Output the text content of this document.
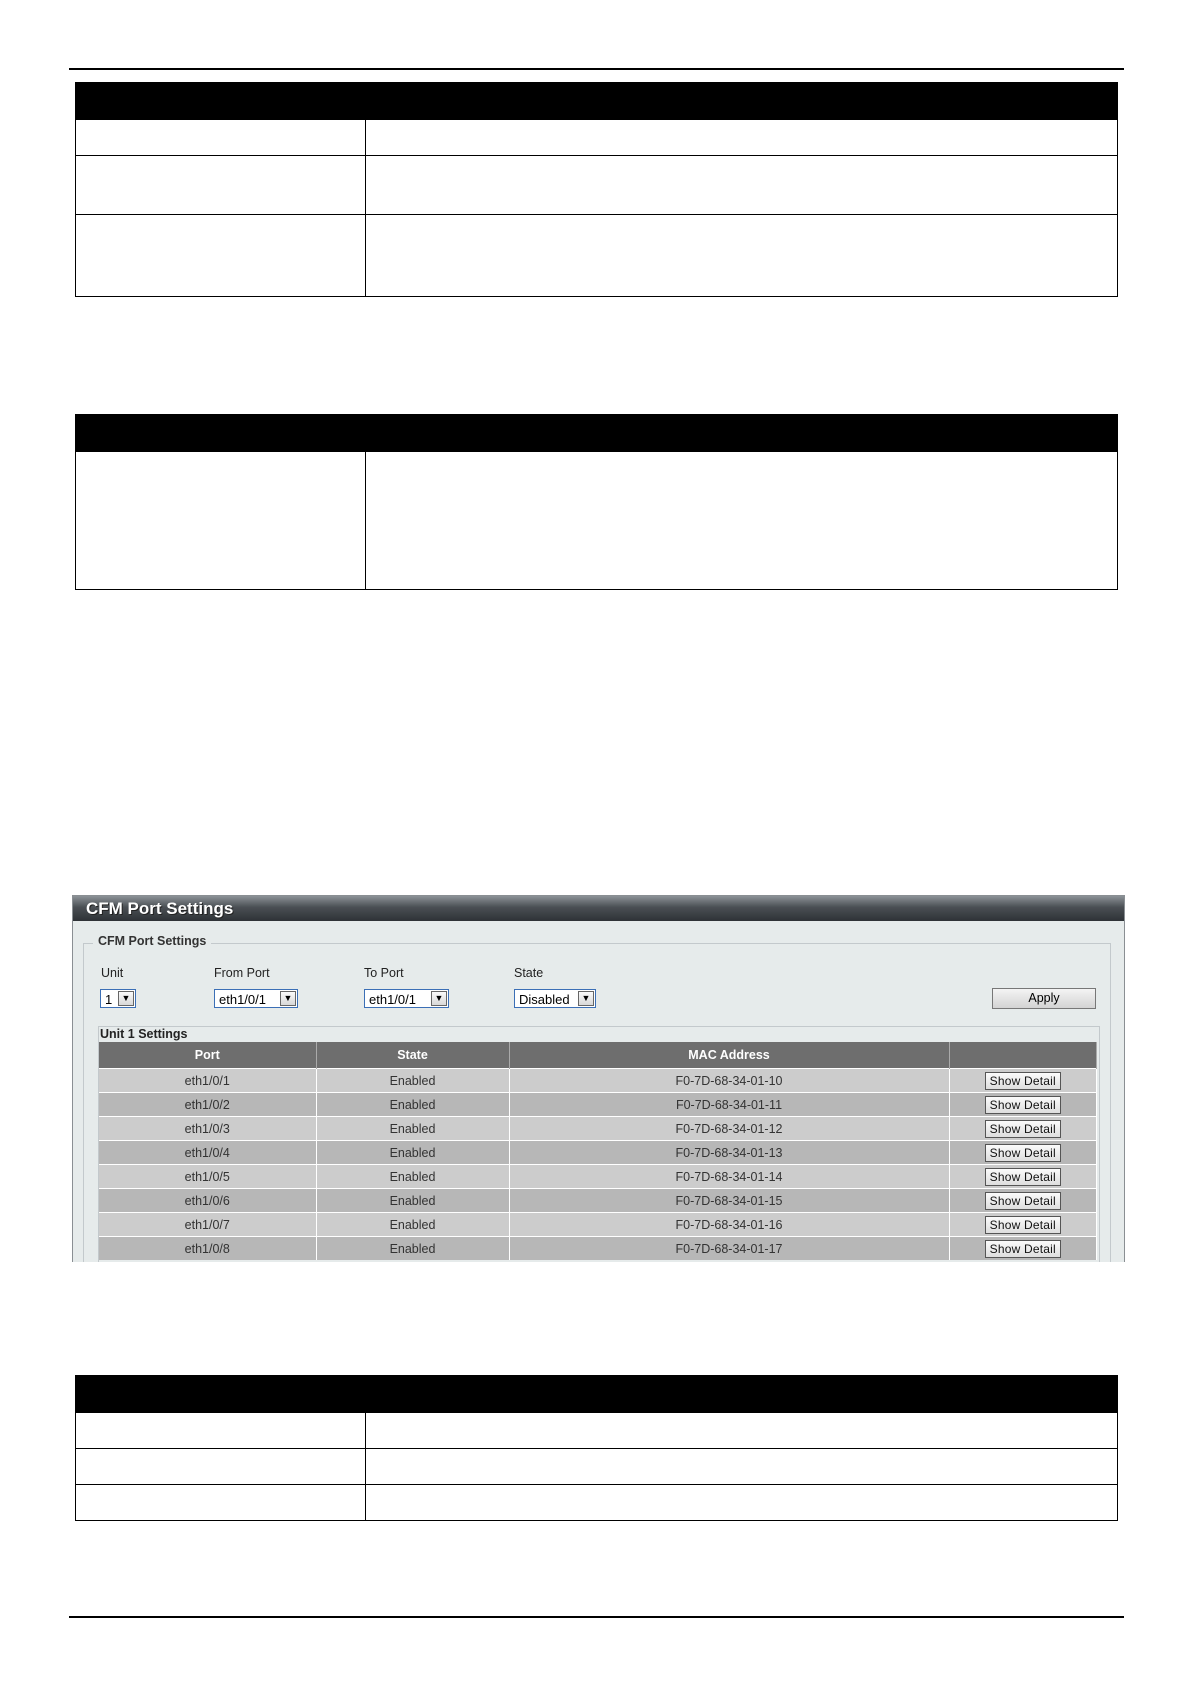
CFM Port Settings
CFM Port Settings
Unit	From Port	To Port	State
1	▼	eth1/0/1	▼	eth1/0/1	▼	Disabled	▼	Apply
Unit 1 Settings
Port	State	MAC Address	
eth1/0/1	Enabled	F0-7D-68-34-01-10	Show Detail
eth1/0/2	Enabled	F0-7D-68-34-01-11	Show Detail
eth1/0/3	Enabled	F0-7D-68-34-01-12	Show Detail
eth1/0/4	Enabled	F0-7D-68-34-01-13	Show Detail
eth1/0/5	Enabled	F0-7D-68-34-01-14	Show Detail
eth1/0/6	Enabled	F0-7D-68-34-01-15	Show Detail
eth1/0/7	Enabled	F0-7D-68-34-01-16	Show Detail
eth1/0/8	Enabled	F0-7D-68-34-01-17	Show Detail
